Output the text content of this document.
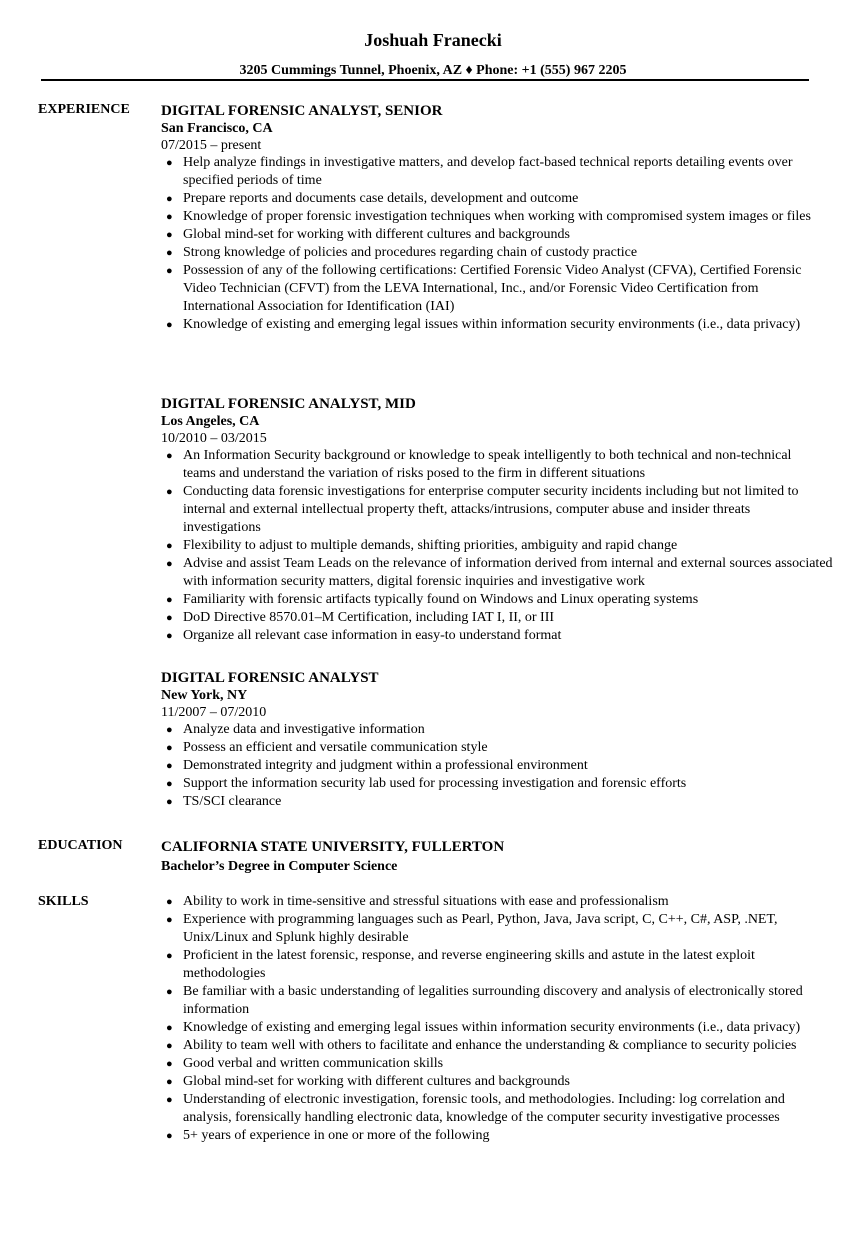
Joshuah Franecki
3205 Cummings Tunnel, Phoenix, AZ ♦ Phone: +1 (555) 967 2205
EXPERIENCE DIGITAL FORENSIC ANALYST, SENIOR
San Francisco, CA
07/2015 – present
● Help analyze findings in investigative matters, and develop fact-based technical reports detailing events over specified periods of time
● Prepare reports and documents case details, development and outcome
● Knowledge of proper forensic investigation techniques when working with compromised system images or files
● Global mind-set for working with different cultures and backgrounds
● Strong knowledge of policies and procedures regarding chain of custody practice
● Possession of any of the following certifications: Certified Forensic Video Analyst (CFVA), Certified Forensic Video Technician (CFVT) from the LEVA International, Inc., and/or Forensic Video Certification from International Association for Identification (IAI)
● Knowledge of existing and emerging legal issues within information security environments (i.e., data privacy)
DIGITAL FORENSIC ANALYST, MID
Los Angeles, CA
10/2010 – 03/2015
● An Information Security background or knowledge to speak intelligently to both technical and non-technical teams and understand the variation of risks posed to the firm in different situations
● Conducting data forensic investigations for enterprise computer security incidents including but not limited to internal and external intellectual property theft, attacks/intrusions, computer abuse and insider threats investigations
● Flexibility to adjust to multiple demands, shifting priorities, ambiguity and rapid change
● Advise and assist Team Leads on the relevance of information derived from internal and external sources associated with information security matters, digital forensic inquiries and investigative work
● Familiarity with forensic artifacts typically found on Windows and Linux operating systems
● DoD Directive 8570.01–M Certification, including IAT I, II, or III
● Organize all relevant case information in easy-to understand format
DIGITAL FORENSIC ANALYST
New York, NY
11/2007 – 07/2010
● Analyze data and investigative information
● Possess an efficient and versatile communication style
● Demonstrated integrity and judgment within a professional environment
● Support the information security lab used for processing investigation and forensic efforts
● TS/SCI clearance
EDUCATION	CALIFORNIA STATE UNIVERSITY, FULLERTON
Bachelor’s Degree in Computer Science
SKILLS	● Ability to work in time-sensitive and stressful situations with ease and professionalism
● Experience with programming languages such as Pearl, Python, Java, Java script, C, C++, C#, ASP, .NET, Unix/Linux and Splunk highly desirable
● Proficient in the latest forensic, response, and reverse engineering skills and astute in the latest exploit methodologies
● Be familiar with a basic understanding of legalities surrounding discovery and analysis of electronically stored information
● Knowledge of existing and emerging legal issues within information security environments (i.e., data privacy)
● Ability to team well with others to facilitate and enhance the understanding & compliance to security policies
● Good verbal and written communication skills
● Global mind-set for working with different cultures and backgrounds
● Understanding of electronic investigation, forensic tools, and methodologies. Including: log correlation and analysis, forensically handling electronic data, knowledge of the computer security investigative processes
● 5+ years of experience in one or more of the following
